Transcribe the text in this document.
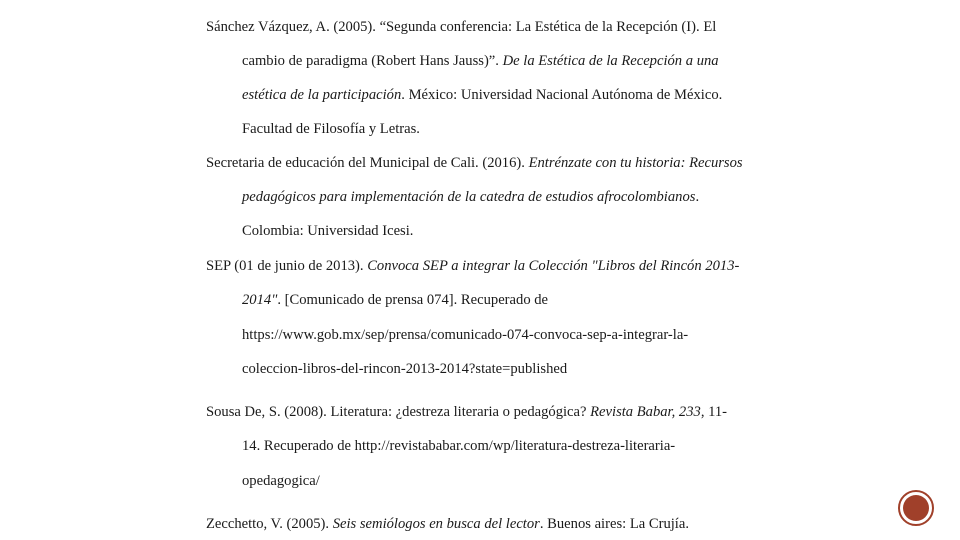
Sánchez Vázquez, A. (2005). “Segunda conferencia: La Estética de la Recepción (I). El
cambio de paradigma (Robert Hans Jauss)”. De la Estética de la Recepción a una
estética de la participación. México: Universidad Nacional Autónoma de México.
Facultad de Filosofía y Letras.
Secretaria de educación del Municipal de Cali. (2016). Entrénzate con tu historia: Recursos
pedagógicos para implementación de la catedra de estudios afrocolombianos.
Colombia: Universidad Icesi.
SEP (01 de junio de 2013). Convoca SEP a integrar la Colección "Libros del Rincón 2013-
2014". [Comunicado de prensa 074]. Recuperado de
https://www.gob.mx/sep/prensa/comunicado-074-convoca-sep-a-integrar-la-
coleccion-libros-del-rincon-2013-2014?state=published
Sousa De, S. (2008). Literatura: ¿destreza literaria o pedagógica? Revista Babar, 233, 11-
14. Recuperado de http://revistababar.com/wp/literatura-destreza-literaria-
opedagogica/
Zecchetto, V. (2005). Seis semiólogos en busca del lector. Buenos aires: La Crujía.
